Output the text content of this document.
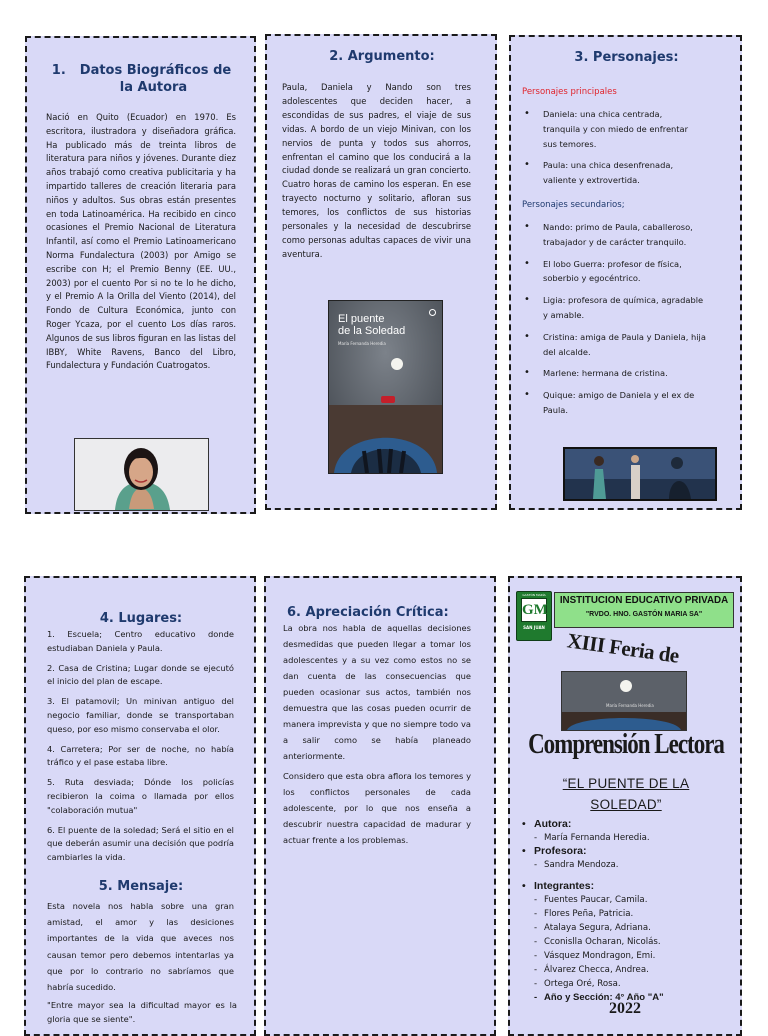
1. Datos Biográficos de
la Autora

Nació en Quito (Ecuador) en 1970. Es escritora, ilustradora y diseñadora gráfica. Ha publicado más de treinta libros de literatura para niños y jóvenes. Durante diez años trabajó como creativa publicitaria y ha impartido talleres de creación literaria para niños y adultos. Sus obras están presentes en toda Latinoamérica. Ha recibido en cinco ocasiones el Premio Nacional de Literatura Infantil, así como el Premio Latinoamericano Norma Fundalectura (2003) por Amigo se escribe con H; el Premio Benny (EE. UU., 2003) por el cuento Por si no te lo he dicho, y el Premio A la Orilla del Viento (2014), del Fondo de Cultura Económica, junto con Roger Ycaza, por el cuento Los días raros. Algunos de sus libros figuran en las listas del IBBY, White Ravens, Banco del Libro, Fundalectura y Fundación Cuatrogatos.

2. Argumento:

Paula, Daniela y Nando son tres adolescentes que deciden hacer, a escondidas de sus padres, el viaje de sus vidas. A bordo de un viejo Minivan, con los nervios de punta y todos sus ahorros, enfrentan el camino que los conducirá a la ciudad donde se realizará un gran concierto. Cuatro horas de camino los esperan. En ese trayecto nocturno y solitario, afloran sus temores, los conflictos de sus historias personales y la necesidad de descubrirse como personas adultas capaces de vivir una aventura.

El puente
de la Soledad
María Fernanda Heredia
3. Personajes:

Personajes principales

• Daniela: una chica centrada, tranquila y con miedo de enfrentar sus temores.
• Paula: una chica desenfrenada, valiente y extrovertida.

Personajes secundarios;

• Nando: primo de Paula, caballeroso, trabajador y de carácter tranquilo.
• El lobo Guerra: profesor de física, soberbio y egocéntrico.
• Ligia: profesora de química, agradable y amable.
• Cristina: amiga de Paula y Daniela, hija del alcalde.
• Marlene: hermana de cristina.
• Quique: amigo de Daniela y el ex de Paula.
4. Lugares:

1. Escuela; Centro educativo donde estudiaban Daniela y Paula.

2. Casa de Cristina; Lugar donde se ejecutó el inicio del plan de escape.

3. El patamovil; Un minivan antiguo del negocio familiar, donde se transportaban queso, por eso mismo conservaba el olor.

4. Carretera; Por ser de noche, no había tráfico y el pase estaba libre.

5. Ruta desviada; Dónde los policías recibieron la coima o llamada por ellos "colaboración mutua"

6. El puente de la soledad; Será el sitio en el que deberán asumir una decisión que podría cambiarles la vida.

5. Mensaje:

Esta novela nos habla sobre una gran amistad, el amor y las desiciones importantes de la vida que aveces nos causan temor pero debemos intentarlas ya que por lo contrario no sabríamos que habría sucedido.

"Entre mayor sea la dificultad mayor es la gloria que se siente".

6. Apreciación Crítica:

La obra nos habla de aquellas decisiones desmedidas que pueden llegar a tomar los adolescentes y a su vez como estos no se dan cuenta de las consecuencias que pueden ocasionar sus actos, también nos demuestra que las cosas pueden ocurrir de manera imprevista y que no siempre todo va a salir como se había planeado anteriormente.

Considero que esta obra aflora los temores y los conflictos personales de cada adolescente, por lo que nos enseña a descubrir nuestra capacidad de madurar y actuar frente a los problemas.

GASTÓN MARÍA
GM
SAN JUAN
INSTITUCION EDUCATIVO PRIVADA
"RVDO. HNO. GASTÓN MARIA SA"
XIII Feria de
María Fernanda Heredia
Comprensión Lectora
“EL PUENTE DE LA
SOLEDAD”
• Autora:
- María Fernanda Heredia.
• Profesora:
- Sandra Mendoza.
• Integrantes:
- Fuentes Paucar, Camila.
- Flores Peña, Patricia.
- Atalaya Segura, Adriana.
- Cconislla Ocharan, Nicolás.
- Vásquez Mondragon, Emi.
- Álvarez Checca, Andrea.
- Ortega Oré, Rosa.
- Año y Sección: 4° Año "A"
2022
